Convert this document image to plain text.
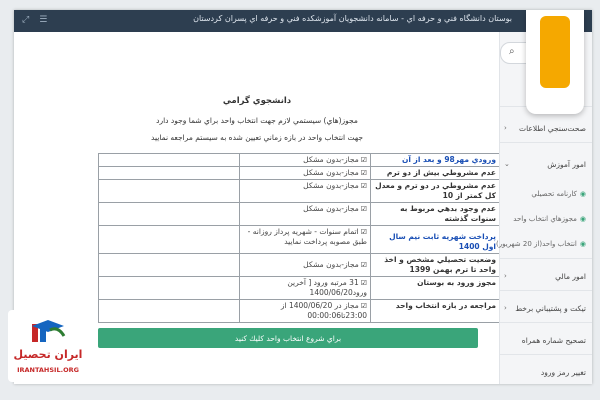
⤢☰	بوستان دانشگاه فني و حرفه اي - سامانه دانشجويان آموزشكده فني و حرفه اي پسران كردستان
دانشجوي گرامي
مجوز(هاي) سيستمي لازم جهت انتخاب واحد براي شما وجود دارد
جهت انتخاب واحد در بازه زماني تعيين شده به سيستم مراجعه نماييد
ورودي مهر98 و بعد از آن	☑مجاز-بدون مشكل	
عدم مشروطي بيش از دو ترم	☑مجاز-بدون مشكل	
عدم مشروطي در دو ترم و معدل كل كمتر از 10	☑مجاز-بدون مشكل	
عدم وجود بدهي مربوط به سنوات گذشته	☑مجاز-بدون مشكل	
پرداخت شهريه ثابت نيم سال اول 1400	☑اتمام سنوات - شهريه پرداز روزانه - طبق مصوبه پرداخت نماييد	
وضعيت تحصيلي مشخص و اخذ واحد تا ترم بهمن 1399	☑مجاز-بدون مشكل	
مجوز ورود به بوستان	☑31 مرتبه ورود [ آخرين ورود1400/06/20	
مراجعه در بازه انتخاب واحد	☑مجاز در 1400/06/20 از 23:00تا00:00:06	
براي شروع انتخاب واحد كليك كنيد
⌕
‹ صحت‌سنجي اطلاعات
⌄	امور آموزش
◉كارنامه تحصيلي
◉مجوزهاي انتخاب واحد
◉انتخاب واحد(از 20 شهريور)
‹	امور مالي
‹ تيكت و پشتيباني برخط
تصحيح شماره همراه
تغيير رمز ورود
ايران تحصيل
IRANTAHSIL.ORG
